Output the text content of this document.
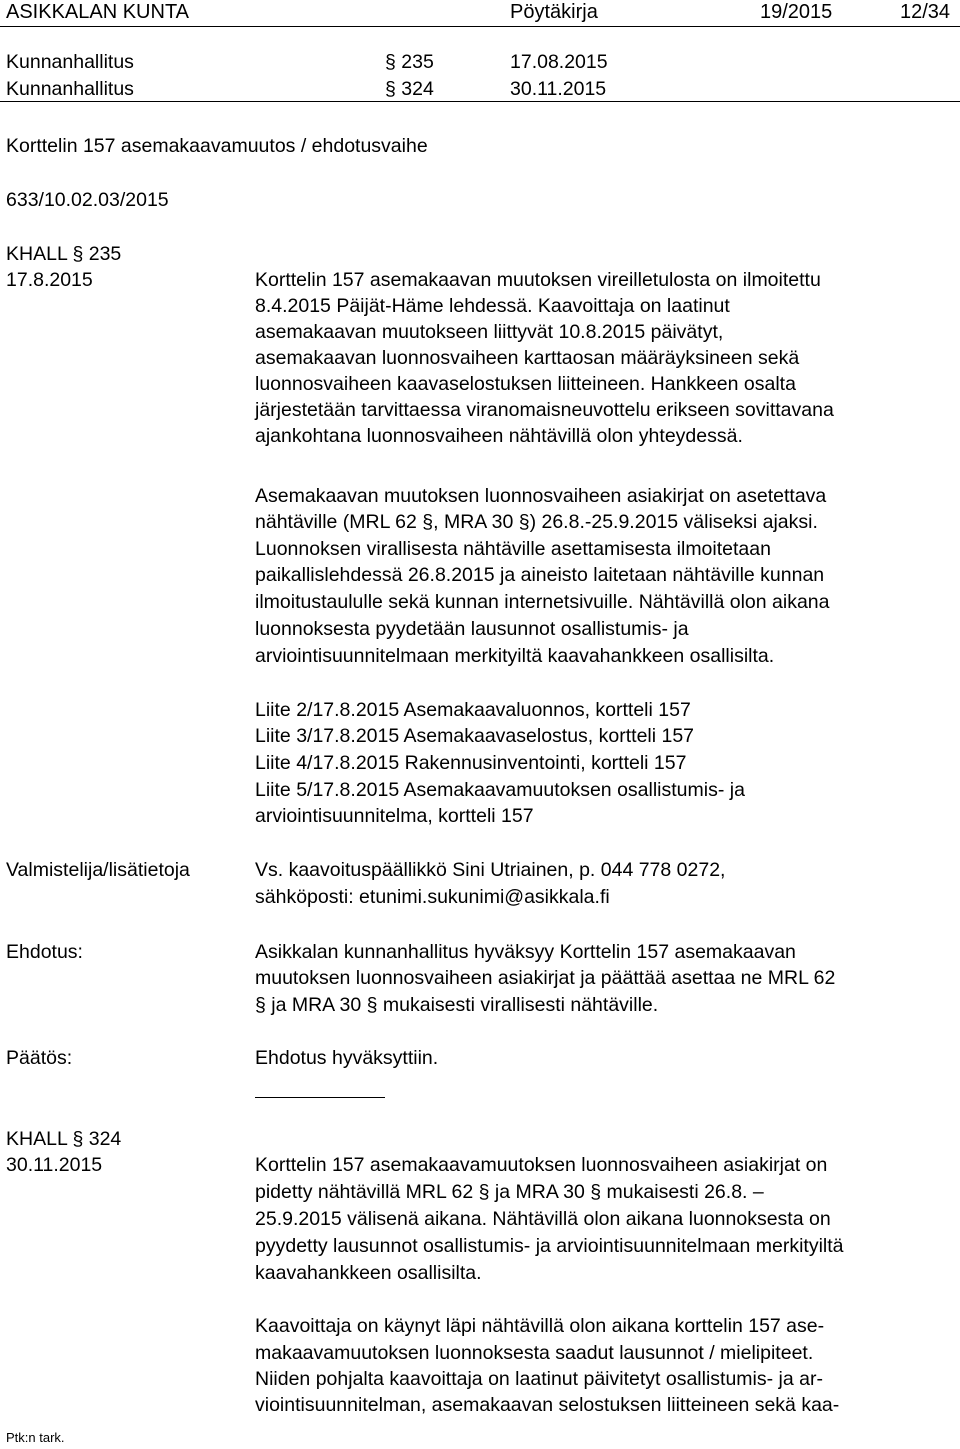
ASIKKALAN KUNTA	Pöytäkirja	19/2015	12/34
Kunnanhallitus	§ 235	17.08.2015
Kunnanhallitus	§ 324	30.11.2015
Korttelin 157 asemakaavamuutos / ehdotusvaihe
633/10.02.03/2015
KHALL § 235
17.8.2015	Korttelin 157 asemakaavan muutoksen vireilletulosta on ilmoitettu
8.4.2015 Päijät-Häme lehdessä. Kaavoittaja on laatinut
asemakaavan muutokseen liittyvät 10.8.2015 päivätyt,
asemakaavan luonnosvaiheen karttaosan määräyksineen sekä
luonnosvaiheen kaavaselostuksen liitteineen. Hankkeen osalta
järjestetään tarvittaessa viranomaisneuvottelu erikseen sovittavana
ajankohtana luonnosvaiheen nähtävillä olon yhteydessä.
Asemakaavan muutoksen luonnosvaiheen asiakirjat on asetettava
nähtäville (MRL 62 §, MRA 30 §) 26.8.-25.9.2015 väliseksi ajaksi.
Luonnoksen virallisesta nähtäville asettamisesta ilmoitetaan
paikallislehdessä 26.8.2015 ja aineisto laitetaan nähtäville kunnan
ilmoitustaululle sekä kunnan internetsivuille. Nähtävillä olon aikana
luonnoksesta pyydetään lausunnot osallistumis- ja
arviointisuunnitelmaan merkityiltä kaavahankkeen osallisilta.
Liite 2/17.8.2015 Asemakaavaluonnos, kortteli 157
Liite 3/17.8.2015 Asemakaavaselostus, kortteli 157
Liite 4/17.8.2015 Rakennusinventointi, kortteli 157
Liite 5/17.8.2015 Asemakaavamuutoksen osallistumis- ja
arviointisuunnitelma, kortteli 157
Valmistelija/lisätietoja	Vs. kaavoituspäällikkö Sini Utriainen, p. 044 778 0272,
sähköposti: etunimi.sukunimi@asikkala.fi
Ehdotus:	Asikkalan kunnanhallitus hyväksyy Korttelin 157 asemakaavan
muutoksen luonnosvaiheen asiakirjat ja päättää asettaa ne MRL 62
§ ja MRA 30 § mukaisesti virallisesti nähtäville.
Päätös:	Ehdotus hyväksyttiin.
KHALL § 324
30.11.2015	Korttelin 157 asemakaavamuutoksen luonnosvaiheen asiakirjat on
pidetty nähtävillä MRL 62 § ja MRA 30 § mukaisesti 26.8. –
25.9.2015 välisenä aikana. Nähtävillä olon aikana luonnoksesta on
pyydetty lausunnot osallistumis- ja arviointisuunnitelmaan merkityiltä
kaavahankkeen osallisilta.
Kaavoittaja on käynyt läpi nähtävillä olon aikana korttelin 157 ase-
makaavamuutoksen luonnoksesta saadut lausunnot / mielipiteet.
Niiden pohjalta kaavoittaja on laatinut päivitetyt osallistumis- ja ar-
viointisuunnitelman, asemakaavan selostuksen liitteineen sekä kaa-
Ptk:n tark.
